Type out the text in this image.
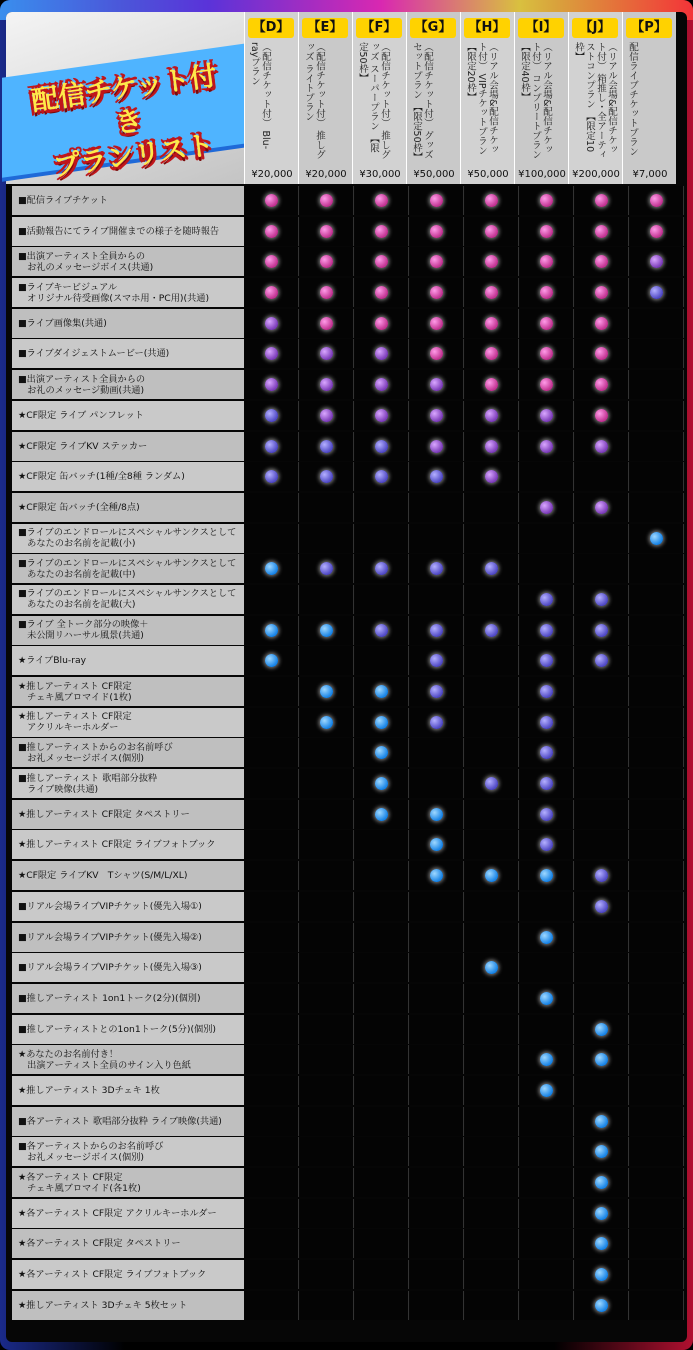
配信チケット付き
プランリスト
【D】
（配信チケット付） Blu-rayプラン
¥20,000
【E】
（配信チケット付） 推しグッズ ライトプラン
¥20,000
【F】
（配信チケット付） 推しグッズ スーパープラン 【限定50枠】
¥30,000
【G】
（配信チケット付） グッズセットプラン 【限定50枠】
¥50,000
【H】
（リアル会場&配信チケット付） VIPチケットプラン 【限定20枠】
¥50,000
【I】
（リアル会場&配信チケット付） コンプリートプラン 【限定40枠】
¥100,000
【J】
（リアル会場&配信チケット付） 箱推し・全アーティストコンプラン 【限定10枠】
¥200,000
【P】
配信ライブチケットプラン
¥7,000
■配信ライブチケット
■活動報告にてライブ開催までの様子を随時報告
■出演アーティスト全員からの
　お礼のメッセージボイス(共通)
■ライブキービジュアル
　オリジナル待受画像(スマホ用・PC用)(共通)
■ライブ画像集(共通)
■ライブダイジェストムービー(共通)
■出演アーティスト全員からの
　お礼のメッセージ動画(共通)
★CF限定 ライブ パンフレット
★CF限定 ライブKV ステッカー
★CF限定 缶バッチ(1種/全8種 ランダム)
★CF限定 缶バッチ(全種/8点)
■ライブのエンドロールにスペシャルサンクスとして
　あなたのお名前を記載(小)
■ライブのエンドロールにスペシャルサンクスとして
　あなたのお名前を記載(中)
■ライブのエンドロールにスペシャルサンクスとして
　あなたのお名前を記載(大)
■ライブ 全トーク部分の映像＋
　未公開リハーサル風景(共通)
★ライブBlu-ray
★推しアーティスト CF限定
　チェキ風ブロマイド(1枚)
★推しアーティスト CF限定
　アクリルキーホルダー
■推しアーティストからのお名前呼び
　お礼メッセージボイス(個別)
■推しアーティスト 歌唱部分抜粋
　ライブ映像(共通)
★推しアーティスト CF限定 タペストリー
★推しアーティスト CF限定 ライブフォトブック
★CF限定 ライブKV　Tシャツ(S/M/L/XL)
■リアル会場ライブVIPチケット(優先入場①)
■リアル会場ライブVIPチケット(優先入場②)
■リアル会場ライブVIPチケット(優先入場③)
■推しアーティスト 1on1トーク(2分)(個別)
■推しアーティストとの1on1トーク(5分)(個別)
★あなたのお名前付き！
　出演アーティスト全員のサイン入り色紙
★推しアーティスト 3Dチェキ 1枚
■各アーティスト 歌唱部分抜粋 ライブ映像(共通)
■各アーティストからのお名前呼び
　お礼メッセージボイス(個別)
★各アーティスト CF限定
　チェキ風ブロマイド(各1枚)
★各アーティスト CF限定 アクリルキーホルダー
★各アーティスト CF限定 タペストリー
★各アーティスト CF限定 ライブフォトブック
★推しアーティスト 3Dチェキ 5枚セット
